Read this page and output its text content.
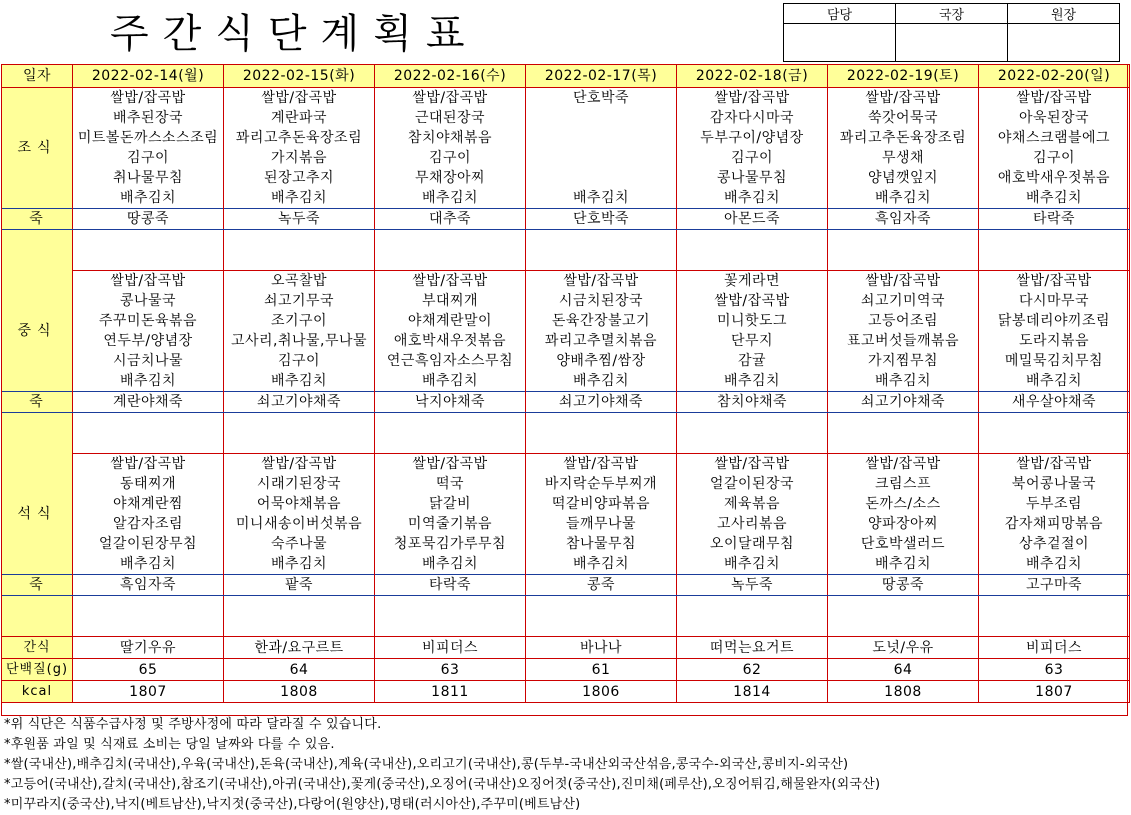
주간식단계획표	담당	국장	원장

일자	2022-02-14(월)	2022-02-15(화)	2022-02-16(수)	2022-02-17(목)	2022-02-18(금)	2022-02-19(토)	2022-02-20(일)
조식	쌀밥/잡곡밥	쌀밥/잡곡밥	쌀밥/잡곡밥	단호박죽	쌀밥/잡곡밥	쌀밥/잡곡밥	쌀밥/잡곡밥
	배추된장국	계란파국	근대된장국		감자다시마국	쑥갓어묵국	아욱된장국
	미트볼돈까스소스조림	꽈리고추돈육장조림	참치야채볶음		두부구이/양념장	꽈리고추돈육장조림	야채스크램블에그
	김구이	가지볶음	김구이		김구이	무생채	김구이
	취나물무침	된장고추지	무채장아찌		콩나물무침	양념깻잎지	애호박새우젓볶음
	배추김치	배추김치	배추김치	배추김치	배추김치	배추김치	배추김치
죽	땅콩죽	녹두죽	대추죽	단호박죽	아몬드죽	흑임자죽	타락죽

중식	쌀밥/잡곡밥	오곡찰밥	쌀밥/잡곡밥	쌀밥/잡곡밥	꽃게라면	쌀밥/잡곡밥	쌀밥/잡곡밥
	콩나물국	쇠고기무국	부대찌개	시금치된장국	쌀밥/잡곡밥	쇠고기미역국	다시마무국
	주꾸미돈육볶음	조기구이	야채계란말이	돈육간장불고기	미니핫도그	고등어조림	닭봉데리야끼조림
	연두부/양념장	고사리,취나물,무나물	애호박새우젓볶음	꽈리고추멸치볶음	단무지	표고버섯들깨볶음	도라지볶음
	시금치나물	김구이	연근흑임자소스무침	양배추찜/쌈장	감귤	가지찜무침	메밀묵김치무침
	배추김치	배추김치	배추김치	배추김치	배추김치	배추김치	배추김치
죽	계란야채죽	쇠고기야채죽	낙지야채죽	쇠고기야채죽	참치야채죽	쇠고기야채죽	새우살야채죽

석식	쌀밥/잡곡밥	쌀밥/잡곡밥	쌀밥/잡곡밥	쌀밥/잡곡밥	쌀밥/잡곡밥	쌀밥/잡곡밥	쌀밥/잡곡밥
	동태찌개	시래기된장국	떡국	바지락순두부찌개	얼갈이된장국	크림스프	북어콩나물국
	야채계란찜	어묵야채볶음	닭갈비	떡갈비양파볶음	제육볶음	돈까스/소스	두부조림
	알감자조림	미니새송이버섯볶음	미역줄기볶음	들깨무나물	고사리볶음	양파장아찌	감자채피망볶음
	얼갈이된장무침	숙주나물	청포묵김가루무침	참나물무침	오이달래무침	단호박샐러드	상추겉절이
	배추김치	배추김치	배추김치	배추김치	배추김치	배추김치	배추김치
죽	흑임자죽	팥죽	타락죽	콩죽	녹두죽	땅콩죽	고구마죽

간식	딸기우유	한과/요구르트	비피더스	바나나	떠먹는요거트	도넛/우유	비피더스
단백질(g)	65	64	63	61	62	64	63
kcal	1807	1808	1811	1806	1814	1808	1807
*위 식단은 식품수급사정 및 주방사정에 따라 달라질 수 있습니다.
*후원품 과일 및 식재료 소비는 당일 날짜와 다를 수 있음.
*쌀(국내산),배추김치(국내산),우육(국내산),돈육(국내산),계육(국내산),오리고기(국내산),콩(두부-국내산외국산섞음,콩국수-외국산,콩비지-외국산)
*고등어(국내산),갈치(국내산),참조기(국내산),아귀(국내산),꽃게(중국산),오징어(국내산)오징어젓(중국산),진미채(페루산),오징어튀김,해물완자(외국산)
*미꾸라지(중국산),낙지(베트남산),낙지젓(중국산),다랑어(원양산),명태(러시아산),주꾸미(베트남산)
